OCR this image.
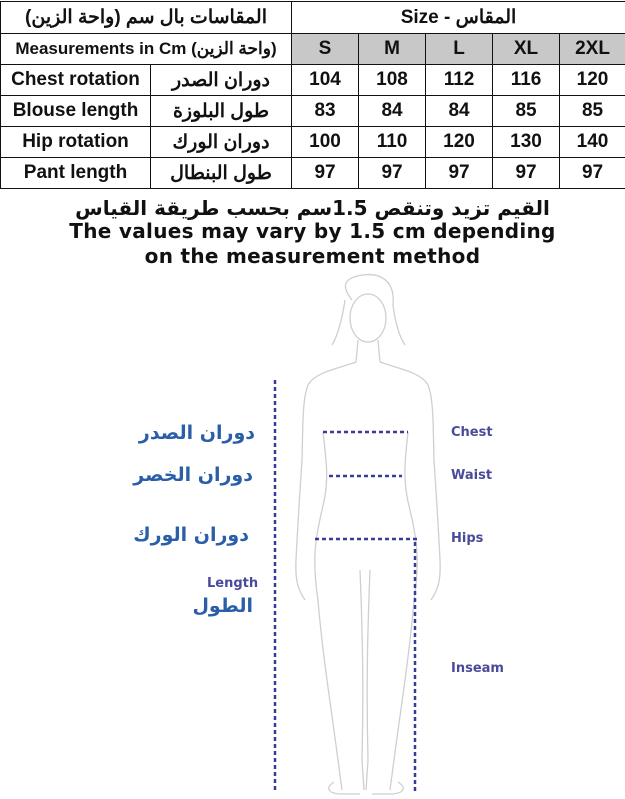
المقاسات بال سم (واحة الزين)		Size - المقاس				
Measurements in Cm (واحة الزين)		S	M	L	XL	2XL
Chest rotation	دوران الصدر	104	108	112	116	120
Blouse length	طول البلوزة	83	84	84	85	85
Hip rotation	دوران الورك	100	110	120	130	140
Pant length	طول البنطال	97	97	97	97	97
القيم تزيد وتنقص 1.5سم بحسب طريقة القياس
The values may vary by 1.5 cm depending
on the measurement method
دوران الصدر
دوران الخصر
دوران الورك
Length
الطول
Chest
Waist
Hips
Inseam
